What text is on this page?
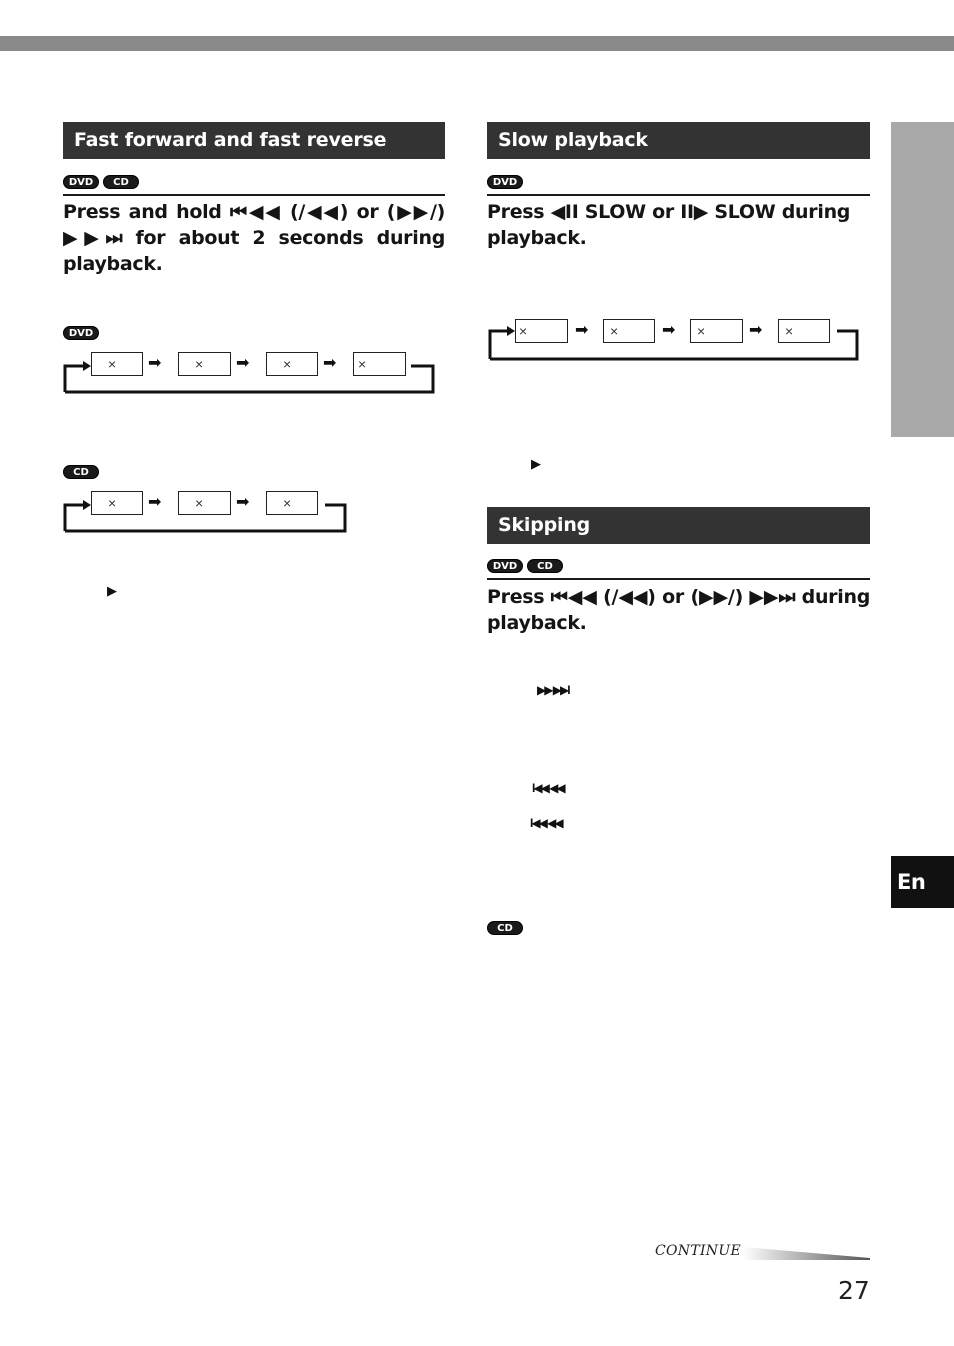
En
Fast forward and fast reverse
DVD	CD
Press and hold ⏮◀◀ (/◀◀) or (▶▶/) ▶▶⏭ for about 2 seconds during playback.
DVD
×	➡	×	➡	×	➡	×
CD
×	➡	×	➡	×
▶
Slow playback
DVD
Press ◀II SLOW or II▶ SLOW during playback.
×	➡	×	➡	×	➡	×
▶
Skipping
DVD	CD
Press ⏮◀◀ (/◀◀) or (▶▶/) ▶▶⏭ during playback.
▶▶ ▶▶I
I◀◀ ◀◀
I◀◀ ◀◀
CD
CONTINUE
27
